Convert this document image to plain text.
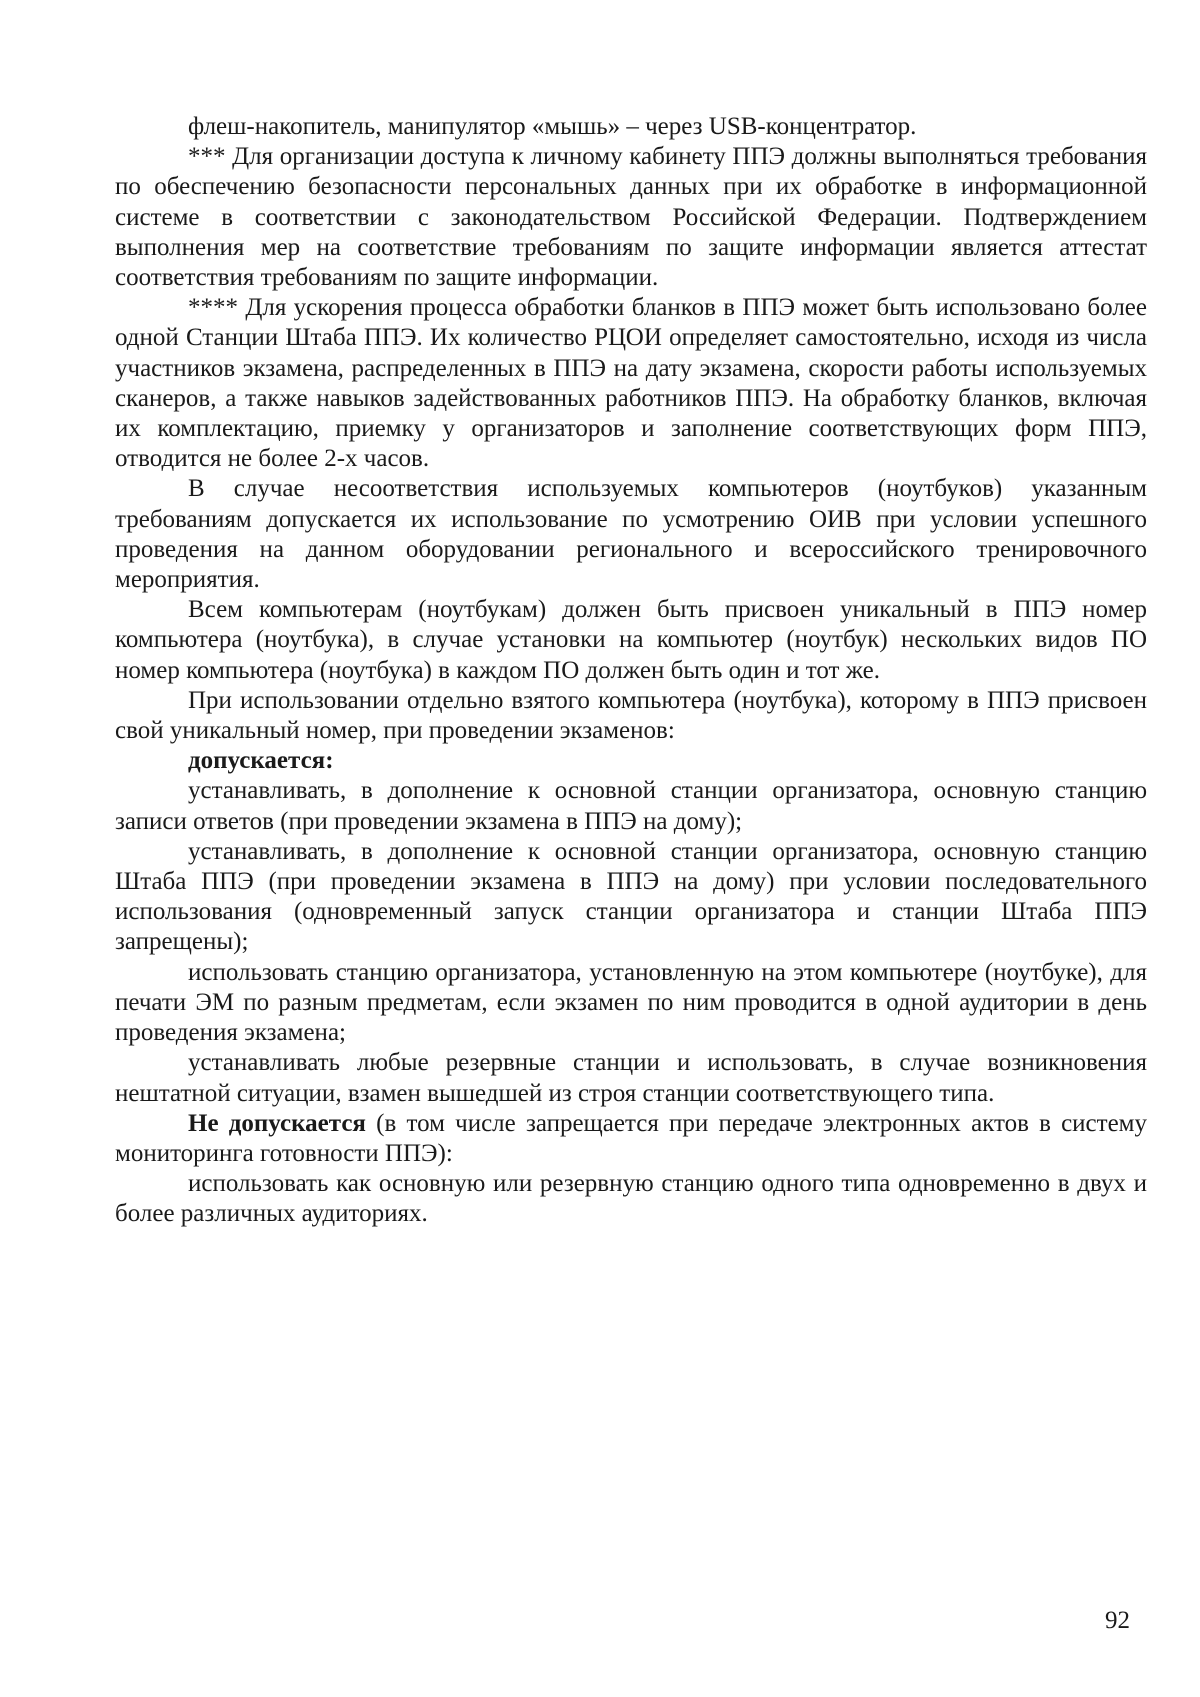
флеш-накопитель, манипулятор «мышь» – через USB-концентратор.

*** Для организации доступа к личному кабинету ППЭ должны выполняться требования по обеспечению безопасности персональных данных при их обработке в информационной системе в соответствии с законодательством Российской Федерации. Подтверждением выполнения мер на соответствие требованиям по защите информации является аттестат соответствия требованиям по защите информации.

**** Для ускорения процесса обработки бланков в ППЭ может быть использовано более одной Станции Штаба ППЭ. Их количество РЦОИ определяет самостоятельно, исходя из числа участников экзамена, распределенных в ППЭ на дату экзамена, скорости работы используемых сканеров, а также навыков задействованных работников ППЭ. На обработку бланков, включая их комплектацию, приемку у организаторов и заполнение соответствующих форм ППЭ, отводится не более 2-х часов.

В случае несоответствия используемых компьютеров (ноутбуков) указанным требованиям допускается их использование по усмотрению ОИВ при условии успешного проведения на данном оборудовании регионального и всероссийского тренировочного мероприятия.

Всем компьютерам (ноутбукам) должен быть присвоен уникальный в ППЭ номер компьютера (ноутбука), в случае установки на компьютер (ноутбук) нескольких видов ПО номер компьютера (ноутбука) в каждом ПО должен быть один и тот же.

При использовании отдельно взятого компьютера (ноутбука), которому в ППЭ присвоен свой уникальный номер, при проведении экзаменов:

допускается:

устанавливать, в дополнение к основной станции организатора, основную станцию записи ответов (при проведении экзамена в ППЭ на дому);

устанавливать, в дополнение к основной станции организатора, основную станцию Штаба ППЭ (при проведении экзамена в ППЭ на дому) при условии последовательного использования (одновременный запуск станции организатора и станции Штаба ППЭ запрещены);

использовать станцию организатора, установленную на этом компьютере (ноутбуке), для печати ЭМ по разным предметам, если экзамен по ним проводится в одной аудитории в день проведения экзамена;

устанавливать любые резервные станции и использовать, в случае возникновения нештатной ситуации, взамен вышедшей из строя станции соответствующего типа.

Не допускается (в том числе запрещается при передаче электронных актов в систему мониторинга готовности ППЭ):

использовать как основную или резервную станцию одного типа одновременно в двух и более различных аудиториях.

92
